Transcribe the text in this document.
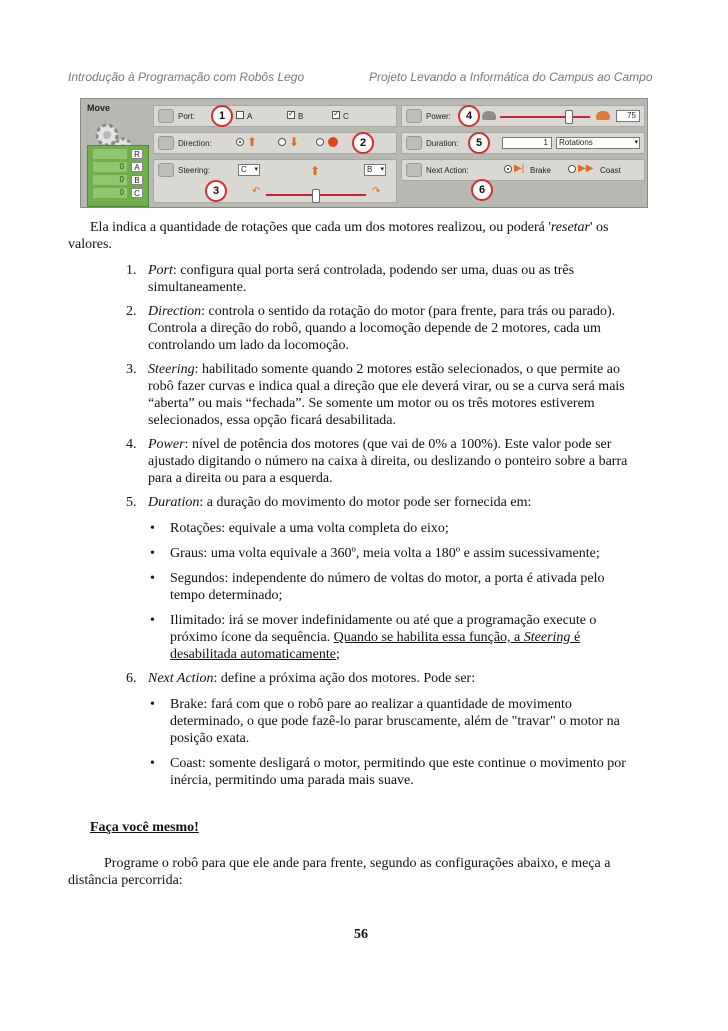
Introdução à Programação com Robôs Lego	Projeto Levando a Informática do Campus ao Campo
Move
R
0	A
0	B
0	C
Port:	1	A ✓	B ✓	C
Direction:	⬆	⬇	2
Steering:	C ▾	⬆	B ▾
3	↶	↷
Power:	4	75
Duration:	5	1	Rotations	▾
Next Action:	▶| Brake	▶▶ Coast
6
Ela indica a quantidade de rotações que cada um dos motores realizou, ou poderá 'resetar' os
valores.
1. Port: configura qual porta será controlada, podendo ser uma, duas ou as três
simultaneamente.
2. Direction: controla o sentido da rotação do motor (para frente, para trás ou parado).
Controla a direção do robô, quando a locomoção depende de 2 motores, cada um
controlando um lado da locomoção.
3. Steering: habilitado somente quando 2 motores estão selecionados, o que permite ao
robô fazer curvas e indica qual a direção que ele deverá virar, ou se a curva será mais
“aberta” ou mais “fechada”. Se somente um motor ou os três motores estiverem
selecionados, essa opção ficará desabilitada.
4. Power: nível de potência dos motores (que vai de 0% a 100%). Este valor pode ser
ajustado digitando o número na caixa à direita, ou deslizando o ponteiro sobre a barra
para a direita ou para a esquerda.
5. Duration: a duração do movimento do motor pode ser fornecida em:
• Rotações: equivale a uma volta completa do eixo;
• Graus: uma volta equivale a 360º, meia volta a 180º e assim sucessivamente;
• Segundos: independente do número de voltas do motor, a porta é ativada pelo
tempo determinado;
• Ilimitado: irá se mover indefinidamente ou até que a programação execute o
próximo ícone da sequência. Quando se habilita essa função, a Steering é
desabilitada automaticamente;
6. Next Action: define a próxima ação dos motores. Pode ser:
• Brake: fará com que o robô pare ao realizar a quantidade de movimento
determinado, o que pode fazê-lo parar bruscamente, além de "travar" o motor na
posição exata.
• Coast: somente desligará o motor, permitindo que este continue o movimento por
inércia, permitindo uma parada mais suave.
Faça você mesmo!
Programe o robô para que ele ande para frente, segundo as configurações abaixo, e meça a
distância percorrida:
56
